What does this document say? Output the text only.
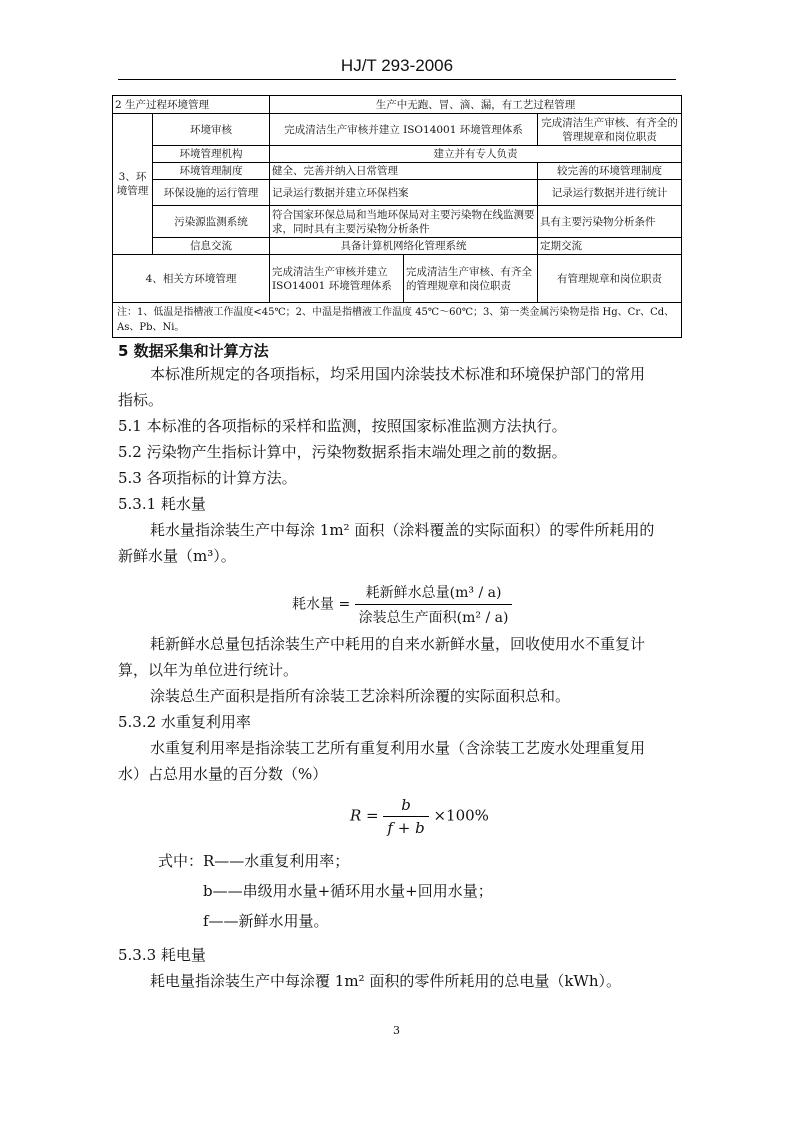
HJ/T 293-2006
2 生产过程环境管理		生产中无跑、冒、滴、漏，有工艺过程管理		
3、环境管理	环境审核	完成清洁生产审核并建立 ISO14001 环境管理体系		完成清洁生产审核、有齐全的管理规章和岗位职责
	环境管理机构	建立并有专人负责		
	环境管理制度	健全、完善并纳入日常管理		较完善的环境管理制度
	环保设施的运行管理	记录运行数据并建立环保档案		记录运行数据并进行统计
	污染源监测系统	符合国家环保总局和当地环保局对主要污染物在线监测要求，同时具有主要污染物分析条件		具有主要污染物分析条件
	信息交流	具备计算机网络化管理系统		定期交流
4、相关方环境管理		完成清洁生产审核并建立 ISO14001 环境管理体系	完成清洁生产审核、有齐全的管理规章和岗位职责	有管理规章和岗位职责
注：1、低温是指槽液工作温度<45℃；2、中温是指槽液工作温度 45℃～60℃；3、第一类金属污染物是指 Hg、Cr、Cd、As、Pb、Ni。				
5 数据采集和计算方法
本标准所规定的各项指标，均采用国内涂装技术标准和环境保护部门的常用
指标。
5.1 本标准的各项指标的采样和监测，按照国家标准监测方法执行。
5.2 污染物产生指标计算中，污染物数据系指末端处理之前的数据。
5.3 各项指标的计算方法。
5.3.1 耗水量
耗水量指涂装生产中每涂 1m² 面积（涂料覆盖的实际面积）的零件所耗用的
新鲜水量（m³）。
耗水量 = $\frac{\text{耗新鲜水总量(m³ / a)}}{\text{涂装总生产面积(m² / a)}}$
耗新鲜水总量包括涂装生产中耗用的自来水新鲜水量，回收使用水不重复计
算，以年为单位进行统计。
涂装总生产面积是指所有涂装工艺涂料所涂覆的实际面积总和。
5.3.2 水重复利用率
水重复利用率是指涂装工艺所有重复利用水量（含涂装工艺废水处理重复用
水）占总用水量的百分数（%）
$R = \frac{b}{f + b} \times 100\%$
式中：R——水重复利用率；
b——串级用水量+循环用水量+回用水量；
f——新鲜水用量。
5.3.3 耗电量
耗电量指涂装生产中每涂覆 1m² 面积的零件所耗用的总电量（kWh）。
3
